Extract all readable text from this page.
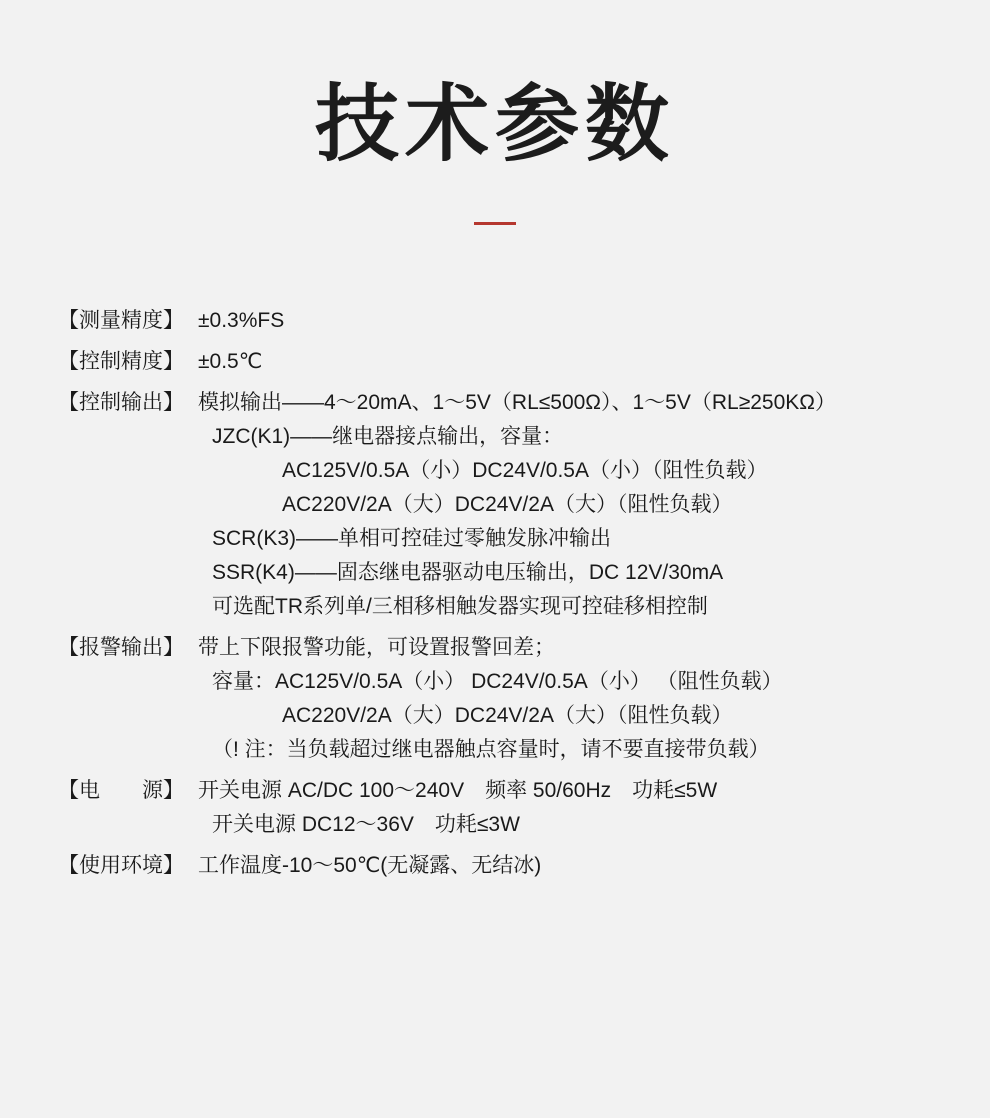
技术参数
【测量精度】 ±0.3%FS
【控制精度】 ±0.5℃
【控制输出】 模拟输出——4〜20mA、1〜5V（RL≤500Ω）、1〜5V（RL≥250KΩ）
JZC(K1)——继电器接点输出，容量：
AC125V/0.5A（小）DC24V/0.5A（小）（阻性负载）
AC220V/2A（大）DC24V/2A（大）（阻性负载）
SCR(K3)——单相可控硅过零触发脉冲输出
SSR(K4)——固态继电器驱动电压输出，DC 12V/30mA
可选配TR系列单/三相移相触发器实现可控硅移相控制
【报警输出】 带上下限报警功能，可设置报警回差；
容量：AC125V/0.5A（小） DC24V/0.5A（小） （阻性负载）
AC220V/2A（大）DC24V/2A（大）（阻性负载）
（! 注：当负载超过继电器触点容量时，请不要直接带负载）
【电　　源】 开关电源 AC/DC 100〜240V　频率 50/60Hz　功耗≤5W
开关电源 DC12〜36V　功耗≤3W
【使用环境】 工作温度-10〜50℃(无凝露、无结冰)
